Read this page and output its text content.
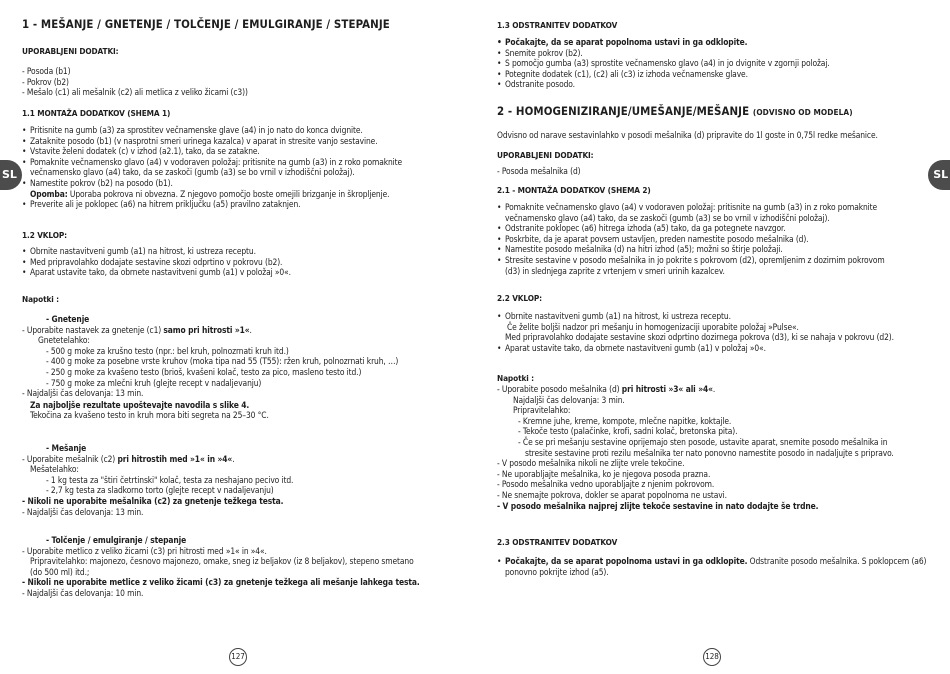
SL	SL
1 - MEŠANJE / GNETENJE / TOLČENJE / EMULGIRANJE / STEPANJE
UPORABLJENI DODATKI:
- Posoda (b1)
- Pokrov (b2)
- Mešalo (c1) ali mešalnik (c2) ali metlica z veliko žicami (c3))
1.1 MONTAŽA DODATKOV (SHEMA 1)
• Pritisnite na gumb (a3) za sprostitev večnamenske glave (a4) in jo nato do konca dvignite.
• Zataknite posodo (b1) (v nasprotni smeri urinega kazalca) v aparat in stresite vanjo sestavine.
• Vstavite želeni dodatek (c) v izhod (a2.1), tako, da se zatakne.
• Pomaknite večnamensko glavo (a4) v vodoraven položaj: pritisnite na gumb (a3) in z roko pomaknite
večnamensko glavo (a4) tako, da se zaskoči (gumb (a3) se bo vrnil v izhodiščni položaj).
• Namestite pokrov (b2) na posodo (b1).
Opomba: Uporaba pokrova ni obvezna. Z njegovo pomočjo boste omejili brizganje in škropljenje.
• Preverite ali je poklopec (a6) na hitrem priključku (a5) pravilno zataknjen.
1.2 VKLOP:
• Obrnite nastavitveni gumb (a1) na hitrost, ki ustreza receptu.
• Med pripravolahko dodajate sestavine skozi odprtino v pokrovu (b2).
• Aparat ustavite tako, da obrnete nastavitveni gumb (a1) v položaj »0«.
Napotki :
- Gnetenje
- Uporabite nastavek za gnetenje (c1) samo pri hitrosti »1«.
Gnetetelahko:
- 500 g moke za krušno testo (npr.: bel kruh, polnozrnati kruh itd.)
- 400 g moke za posebne vrste kruhov (moka tipa nad 55 (T55): ržen kruh, polnozrnati kruh, …)
- 250 g moke za kvašeno testo (brioš, kvašeni kolač, testo za pico, masleno testo itd.)
- 750 g moke za mlečni kruh (glejte recept v nadaljevanju)
- Najdaljši čas delovanja: 13 min.
Za najboljše rezultate upoštevajte navodila s slike 4.
Tekočina za kvašeno testo in kruh mora biti segreta na 25–30 °C.
- Mešanje
- Uporabite mešalnik (c2) pri hitrostih med »1« in »4«.
Mešatelahko:
- 1 kg testa za "štiri četrtinski" kolač, testa za neshajano pecivo itd.
- 2,7 kg testa za sladkorno torto (glejte recept v nadaljevanju)
- Nikoli ne uporabite mešalnika (c2) za gnetenje težkega testa.
- Najdaljši čas delovanja: 13 min.
- Tolčenje / emulgiranje / stepanje
- Uporabite metlico z veliko žicami (c3) pri hitrosti med »1« in »4«.
Pripravitelahko: majonezo, česnovo majonezo, omake, sneg iz beljakov (iz 8 beljakov), stepeno smetano
(do 500 ml) itd.;
- Nikoli ne uporabite metlice z veliko žicami (c3) za gnetenje težkega ali mešanje lahkega testa.
- Najdaljši čas delovanja: 10 min.
127
1.3 ODSTRANITEV DODATKOV
• Počakajte, da se aparat popolnoma ustavi in ga odklopite.
• Snemite pokrov (b2).
• S pomočjo gumba (a3) sprostite večnamensko glavo (a4) in jo dvignite v zgornji položaj.
• Potegnite dodatek (c1), (c2) ali (c3) iz izhoda večnamenske glave.
• Odstranite posodo.
2 - HOMOGENIZIRANJE/UMEŠANJE/MEŠANJE (ODVISNO OD MODELA)
Odvisno od narave sestavinlahko v posodi mešalnika (d) pripravite do 1l goste in 0,75l redke mešanice.
UPORABLJENI DODATKI:
- Posoda mešalnika (d)
2.1 - MONTAŽA DODATKOV (SHEMA 2)
• Pomaknite večnamensko glavo (a4) v vodoraven položaj: pritisnite na gumb (a3) in z roko pomaknite
večnamensko glavo (a4) tako, da se zaskoči (gumb (a3) se bo vrnil v izhodiščni položaj).
• Odstranite poklopec (a6) hitrega izhoda (a5) tako, da ga potegnete navzgor.
• Poskrbite, da je aparat povsem ustavljen, preden namestite posodo mešalnika (d).
• Namestite posodo mešalnika (d) na hitri izhod (a5); možni so štirje položaji.
• Stresite sestavine v posodo mešalnika in jo pokrite s pokrovom (d2), opremljenim z dozirnim pokrovom
(d3) in slednjega zaprite z vrtenjem v smeri urinih kazalcev.
2.2 VKLOP:
• Obrnite nastavitveni gumb (a1) na hitrost, ki ustreza receptu.
Če želite boljši nadzor pri mešanju in homogenizaciji uporabite položaj »Pulse«.
Med pripravolahko dodajate sestavine skozi odprtino dozirnega pokrova (d3), ki se nahaja v pokrovu (d2).
• Aparat ustavite tako, da obrnete nastavitveni gumb (a1) v položaj »0«.
Napotki :
- Uporabite posodo mešalnika (d) pri hitrosti »3« ali »4«.
Najdaljši čas delovanja: 3 min.
Pripravitelahko:
- Kremne juhe, kreme, kompote, mlečne napitke, koktajle.
- Tekoče testo (palačinke, krofi, sadni kolač, bretonska pita).
- Če se pri mešanju sestavine oprijemajo sten posode, ustavite aparat, snemite posodo mešalnika in
stresite sestavine proti rezilu mešalnika ter nato ponovno namestite posodo in nadaljujte s pripravo.
- V posodo mešalnika nikoli ne zlijte vrele tekočine.
- Ne uporabljajte mešalnika, ko je njegova posoda prazna.
- Posodo mešalnika vedno uporabljajte z njenim pokrovom.
- Ne snemajte pokrova, dokler se aparat popolnoma ne ustavi.
- V posodo mešalnika najprej zlijte tekoče sestavine in nato dodajte še trdne.
2.3 ODSTRANITEV DODATKOV
• Počakajte, da se aparat popolnoma ustavi in ga odklopite. Odstranite posodo mešalnika. S poklopcem (a6)
ponovno pokrijte izhod (a5).
128
